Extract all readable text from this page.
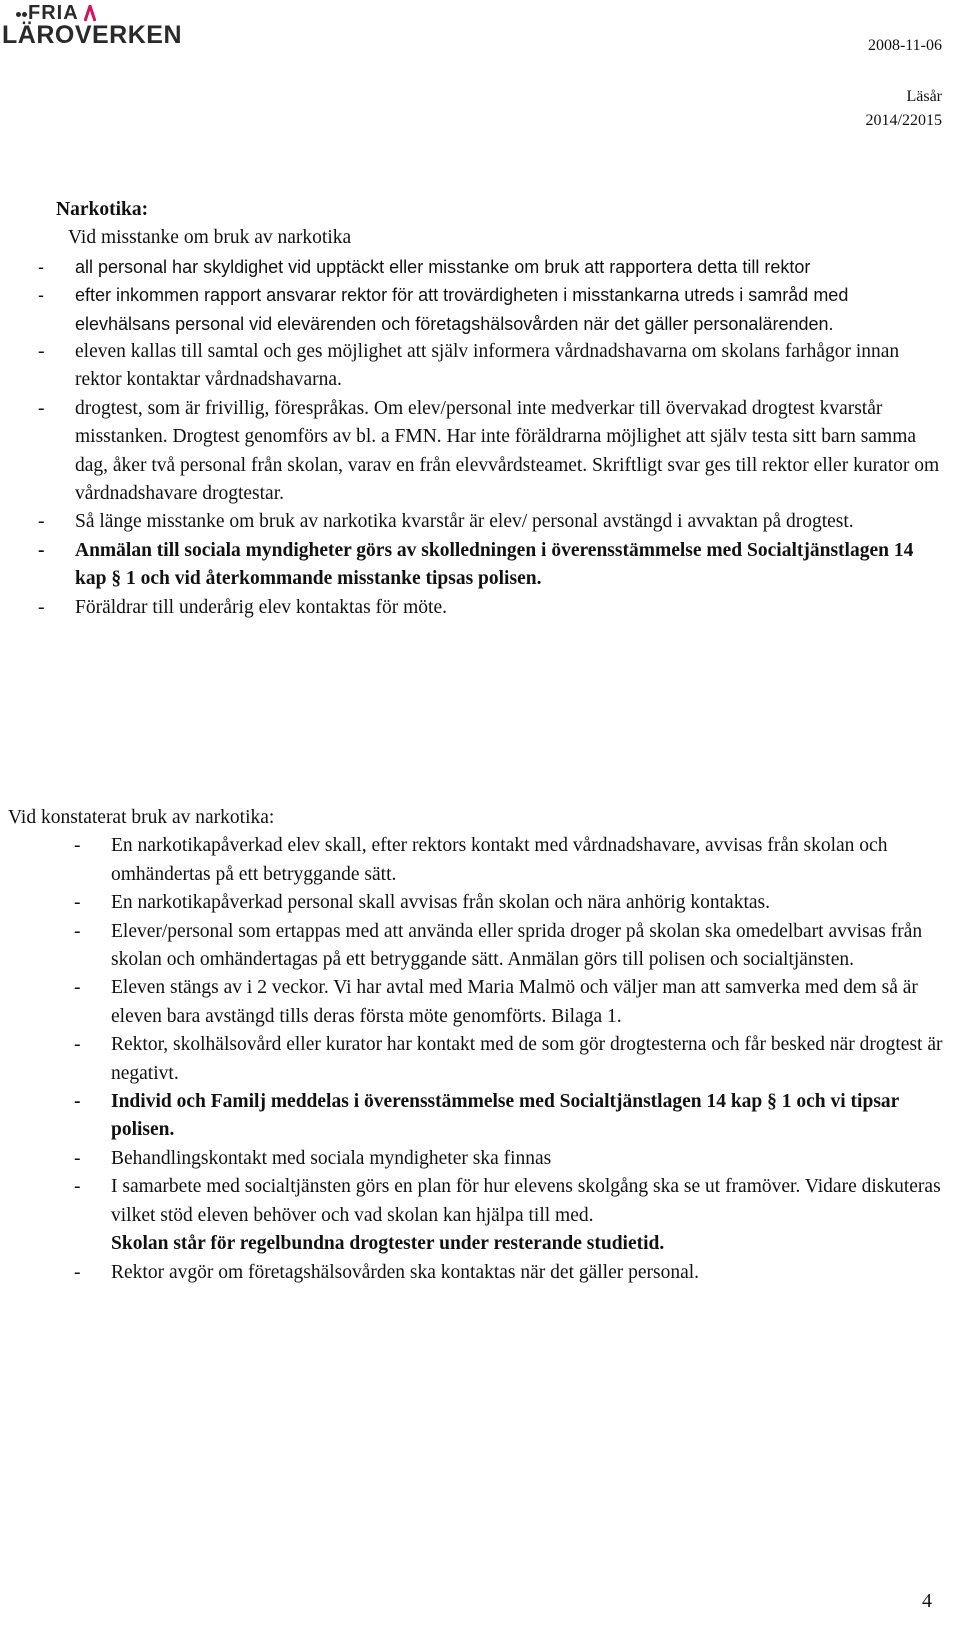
FRIA
LÄROVERKEN	2008-11-06
Läsår
2014/22015
Narkotika:
Vid misstanke om bruk av narkotika
- all personal har skyldighet vid upptäckt eller misstanke om bruk att rapportera detta till rektor
- efter inkommen rapport ansvarar rektor för att trovärdigheten i misstankarna utreds i samråd med elevhälsans personal vid elevärenden och företagshälsovården när det gäller personalärenden.
- eleven kallas till samtal och ges möjlighet att själv informera vårdnadshavarna om skolans farhågor innan rektor kontaktar vårdnadshavarna.
- drogtest, som är frivillig, förespråkas. Om elev/personal inte medverkar till övervakad drogtest kvarstår misstanken. Drogtest genomförs av bl. a FMN. Har inte föräldrarna möjlighet att själv testa sitt barn samma dag, åker två personal från skolan, varav en från elevvårdsteamet. Skriftligt svar ges till rektor eller kurator om vårdnadshavare drogtestar.
- Så länge misstanke om bruk av narkotika kvarstår är elev/ personal avstängd i avvaktan på drogtest.
- Anmälan till sociala myndigheter görs av skolledningen i överensstämmelse med Socialtjänstlagen 14 kap § 1 och vid återkommande misstanke tipsas polisen.
- Föräldrar till underårig elev kontaktas för möte.
Vid konstaterat bruk av narkotika:
- En narkotikapåverkad elev skall, efter rektors kontakt med vårdnadshavare, avvisas från skolan och omhändertas på ett betryggande sätt.
- En narkotikapåverkad personal skall avvisas från skolan och nära anhörig kontaktas.
- Elever/personal som ertappas med att använda eller sprida droger på skolan ska omedelbart avvisas från skolan och omhändertagas på ett betryggande sätt. Anmälan görs till polisen och socialtjänsten.
- Eleven stängs av i 2 veckor. Vi har avtal med Maria Malmö och väljer man att samverka med dem så är eleven bara avstängd tills deras första möte genomförts. Bilaga 1.
- Rektor, skolhälsovård eller kurator har kontakt med de som gör drogtesterna och får besked när drogtest är negativt.
- Individ och Familj meddelas i överensstämmelse med Socialtjänstlagen 14 kap § 1 och vi tipsar polisen.
- Behandlingskontakt med sociala myndigheter ska finnas
- I samarbete med socialtjänsten görs en plan för hur elevens skolgång ska se ut framöver. Vidare diskuteras vilket stöd eleven behöver och vad skolan kan hjälpa till med.
Skolan står för regelbundna drogtester under resterande studietid.
- Rektor avgör om företagshälsovården ska kontaktas när det gäller personal.
4
